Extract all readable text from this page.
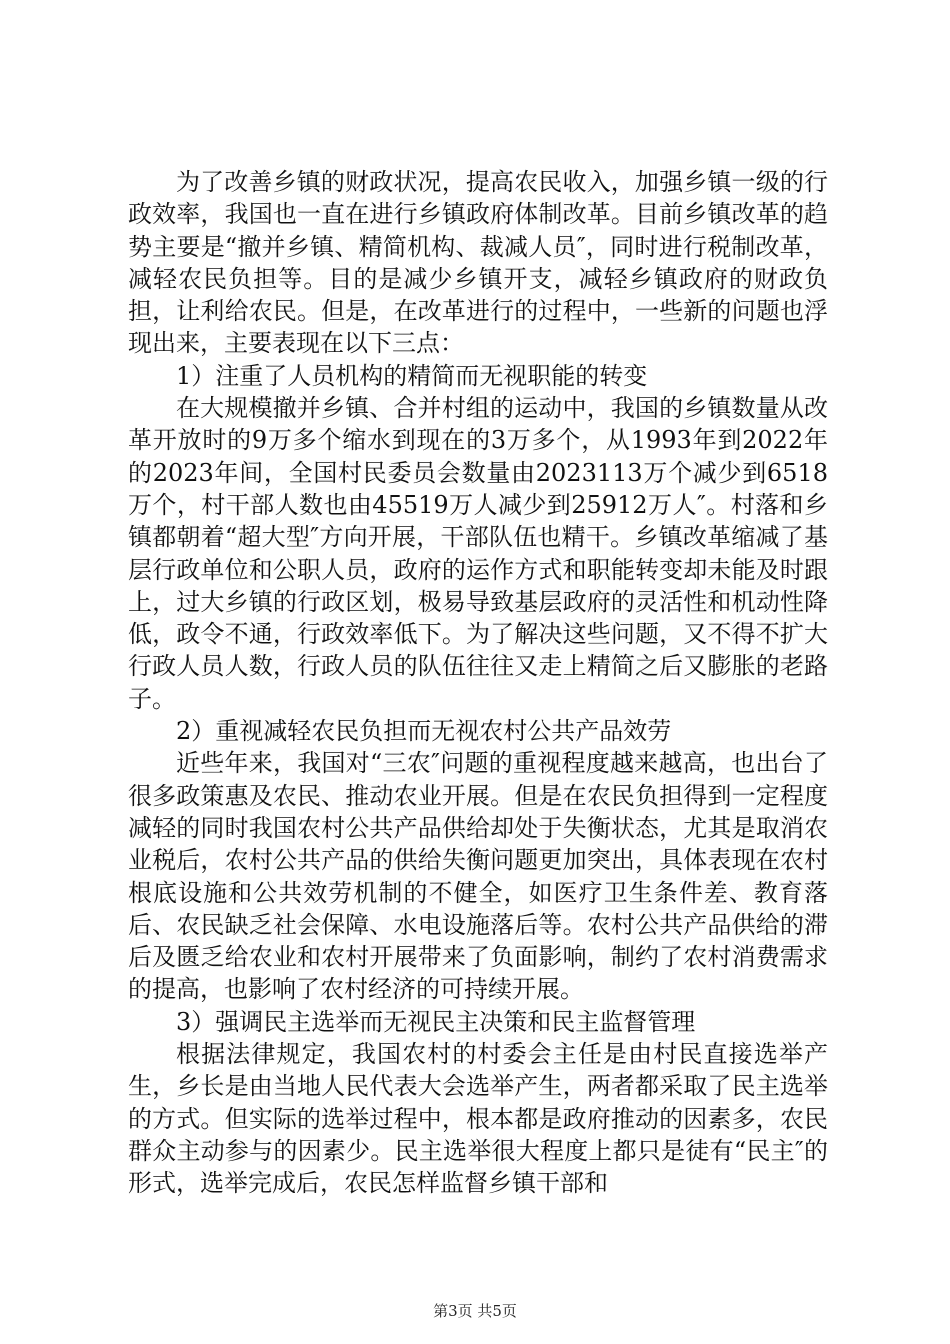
为了改善乡镇的财政状况，提高农民收入，加强乡镇一级的行政效率，我国也一直在进行乡镇政府体制改革。目前乡镇改革的趋势主要是“撤并乡镇、精简机构、裁减人员″，同时进行税制改革，减轻农民负担等。目的是减少乡镇开支，减轻乡镇政府的财政负担，让利给农民。但是，在改革进行的过程中，一些新的问题也浮现出来，主要表现在以下三点：

1）注重了人员机构的精简而无视职能的转变

在大规模撤并乡镇、合并村组的运动中，我国的乡镇数量从改革开放时的9万多个缩水到现在的3万多个，从1993年到2022年的2023年间，全国村民委员会数量由2023113万个减少到6518万个，村干部人数也由45519万人减少到25912万人″。村落和乡镇都朝着“超大型″方向开展，干部队伍也精干。乡镇改革缩减了基层行政单位和公职人员，政府的运作方式和职能转变却未能及时跟上，过大乡镇的行政区划，极易导致基层政府的灵活性和机动性降低，政令不通，行政效率低下。为了解决这些问题，又不得不扩大行政人员人数，行政人员的队伍往往又走上精简之后又膨胀的老路子。

2）重视减轻农民负担而无视农村公共产品效劳

近些年来，我国对“三农″问题的重视程度越来越高，也出台了很多政策惠及农民、推动农业开展。但是在农民负担得到一定程度减轻的同时我国农村公共产品供给却处于失衡状态，尤其是取消农业税后，农村公共产品的供给失衡问题更加突出，具体表现在农村根底设施和公共效劳机制的不健全，如医疗卫生条件差、教育落后、农民缺乏社会保障、水电设施落后等。农村公共产品供给的滞后及匮乏给农业和农村开展带来了负面影响，制约了农村消费需求的提高，也影响了农村经济的可持续开展。

3）强调民主选举而无视民主决策和民主监督管理

根据法律规定，我国农村的村委会主任是由村民直接选举产生，乡长是由当地人民代表大会选举产生，两者都采取了民主选举的方式。但实际的选举过程中，根本都是政府推动的因素多，农民群众主动参与的因素少。民主选举很大程度上都只是徒有“民主″的形式，选举完成后，农民怎样监督乡镇干部和

第3页 共5页
